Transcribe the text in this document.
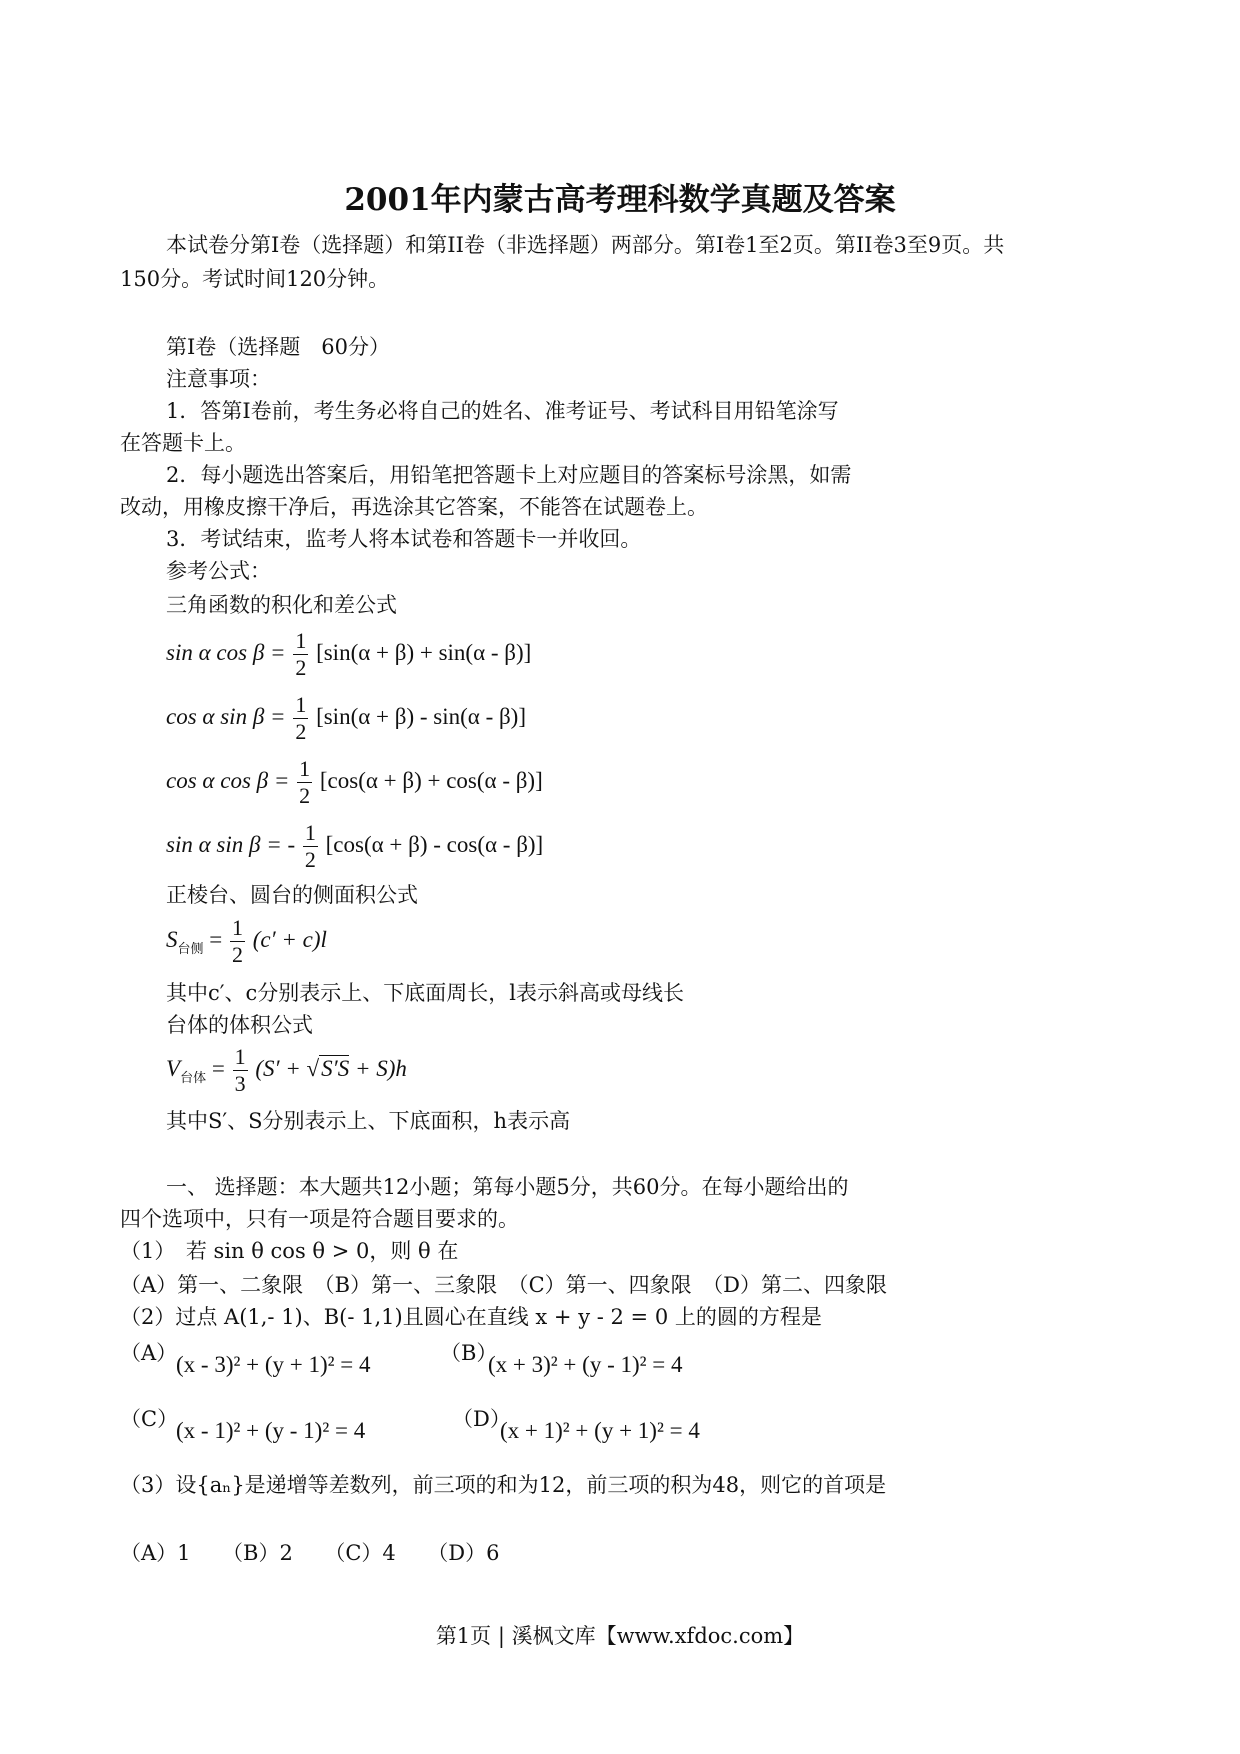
2001年内蒙古高考理科数学真题及答案
本试卷分第Ⅰ卷（选择题）和第II卷（非选择题）两部分。第Ⅰ卷1至2页。第II卷3至9页。共
150分。考试时间120分钟。
第Ⅰ卷（选择题　60分）
注意事项：
1．答第Ⅰ卷前，考生务必将自己的姓名、准考证号、考试科目用铅笔涂写
在答题卡上。
2．每小题选出答案后，用铅笔把答题卡上对应题目的答案标号涂黑，如需
改动，用橡皮擦干净后，再选涂其它答案，不能答在试题卷上。
3．考试结束，监考人将本试卷和答题卡一并收回。
参考公式：
三角函数的积化和差公式
sin α $\cos \beta = \frac{1}{2} [\sin(\alpha + \beta) + \sin(\alpha - \beta)]$
cos α $\sin \beta = \frac{1}{2} [\sin(\alpha + \beta) - \sin(\alpha - \beta)]$
cos α $\cos \beta = \frac{1}{2} [\cos(\alpha + \beta) + \cos(\alpha - \beta)]$
sin α sin β = - $\frac{1}{2} [\cos(\alpha + \beta) - \cos(\alpha - \beta)]$
正棱台、圆台的侧面积公式
$S_{台侧} = \frac{1}{2} (c' + c)l$
其中c′、c分别表示上、下底面周长，l表示斜高或母线长
台体的体积公式
$V_{台体} = \frac{1}{3} (S' + √S'S + S)h$
其中S′、S分别表示上、下底面积，h表示高
一、 选择题：本大题共12小题；第每小题5分，共60分。在每小题给出的
四个选项中，只有一项是符合题目要求的。
（1）　若 sin θ cos θ > 0，则 θ 在
（A）第一、二象限　（B）第一、三象限　（C）第一、四象限　（D）第二、四象限
（2）过点 A(1,- 1)、B(- 1,1)且圆心在直线 x + y - 2 = 0 上的圆的方程是
（A）
(x - 3)² + (y + 1)² = 4	（B）
(x + 3)² + (y - 1)² = 4
（C）
(x - 1)² + (y - 1)² = 4	（D）
(x + 1)² + (y + 1)² = 4
（3）设{aₙ}是递增等差数列，前三项的和为12，前三项的积为48，则它的首项是
（A）1　　（B）2　　（C）4　　（D）6
第1页 | 溪枫文库【www.xfdoc.com】
